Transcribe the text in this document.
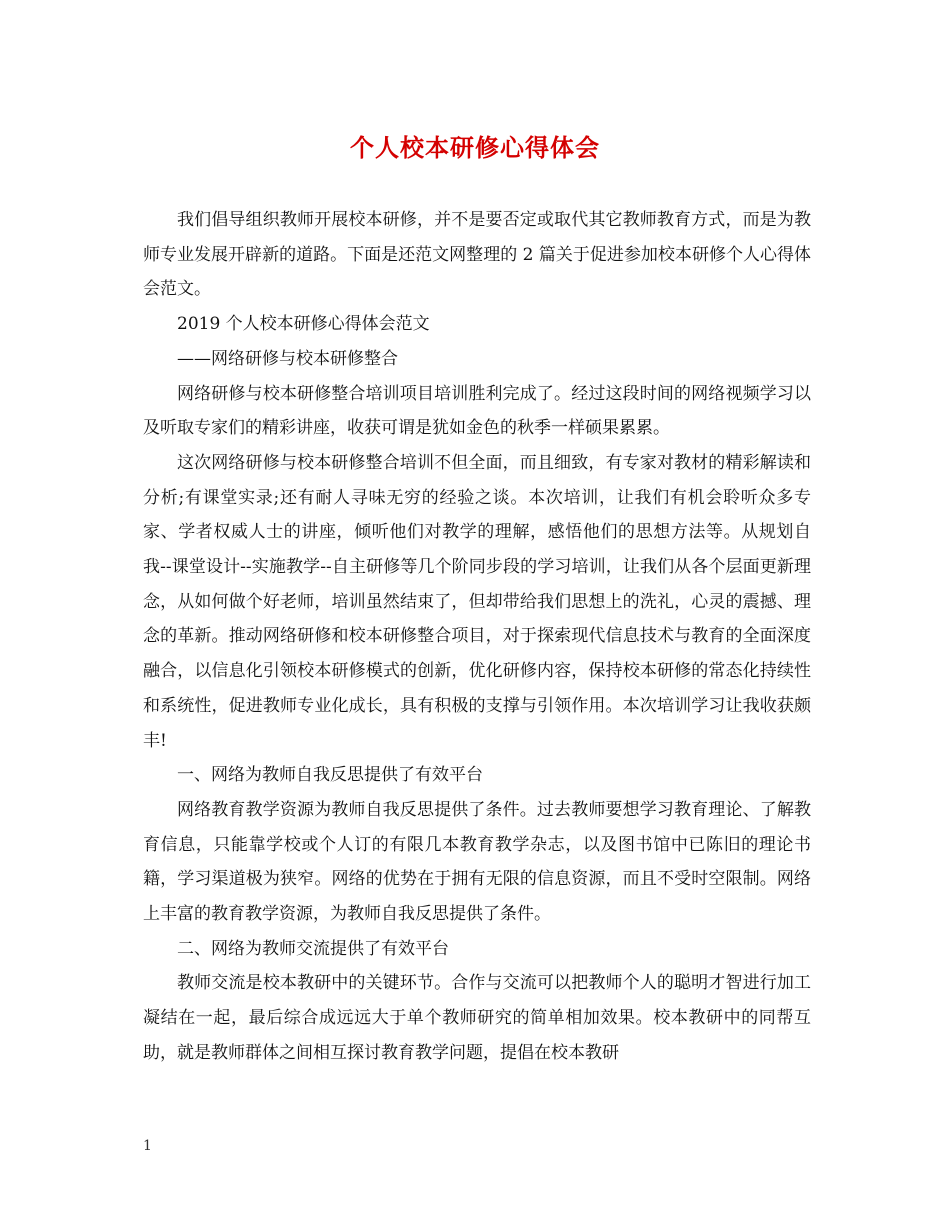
个人校本研修心得体会

我们倡导组织教师开展校本研修，并不是要否定或取代其它教师教育方式，而是为教师专业发展开辟新的道路。下面是还范文网整理的 2 篇关于促进参加校本研修个人心得体会范文。

2019 个人校本研修心得体会范文

——网络研修与校本研修整合

网络研修与校本研修整合培训项目培训胜利完成了。经过这段时间的网络视频学习以及听取专家们的精彩讲座，收获可谓是犹如金色的秋季一样硕果累累。

这次网络研修与校本研修整合培训不但全面，而且细致，有专家对教材的精彩解读和分析;有课堂实录;还有耐人寻味无穷的经验之谈。本次培训，让我们有机会聆听众多专家、学者权威人士的讲座，倾听他们对教学的理解，感悟他们的思想方法等。从规划自我--课堂设计--实施教学--自主研修等几个阶同步段的学习培训，让我们从各个层面更新理念，从如何做个好老师，培训虽然结束了，但却带给我们思想上的洗礼，心灵的震撼、理念的革新。推动网络研修和校本研修整合项目，对于探索现代信息技术与教育的全面深度融合，以信息化引领校本研修模式的创新，优化研修内容，保持校本研修的常态化持续性和系统性，促进教师专业化成长，具有积极的支撑与引领作用。本次培训学习让我收获颇丰!

一、网络为教师自我反思提供了有效平台

网络教育教学资源为教师自我反思提供了条件。过去教师要想学习教育理论、了解教育信息，只能靠学校或个人订的有限几本教育教学杂志，以及图书馆中已陈旧的理论书籍，学习渠道极为狭窄。网络的优势在于拥有无限的信息资源，而且不受时空限制。网络上丰富的教育教学资源，为教师自我反思提供了条件。

二、网络为教师交流提供了有效平台

教师交流是校本教研中的关键环节。合作与交流可以把教师个人的聪明才智进行加工凝结在一起，最后综合成远远大于单个教师研究的简单相加效果。校本教研中的同帮互助，就是教师群体之间相互探讨教育教学问题，提倡在校本教研

1
